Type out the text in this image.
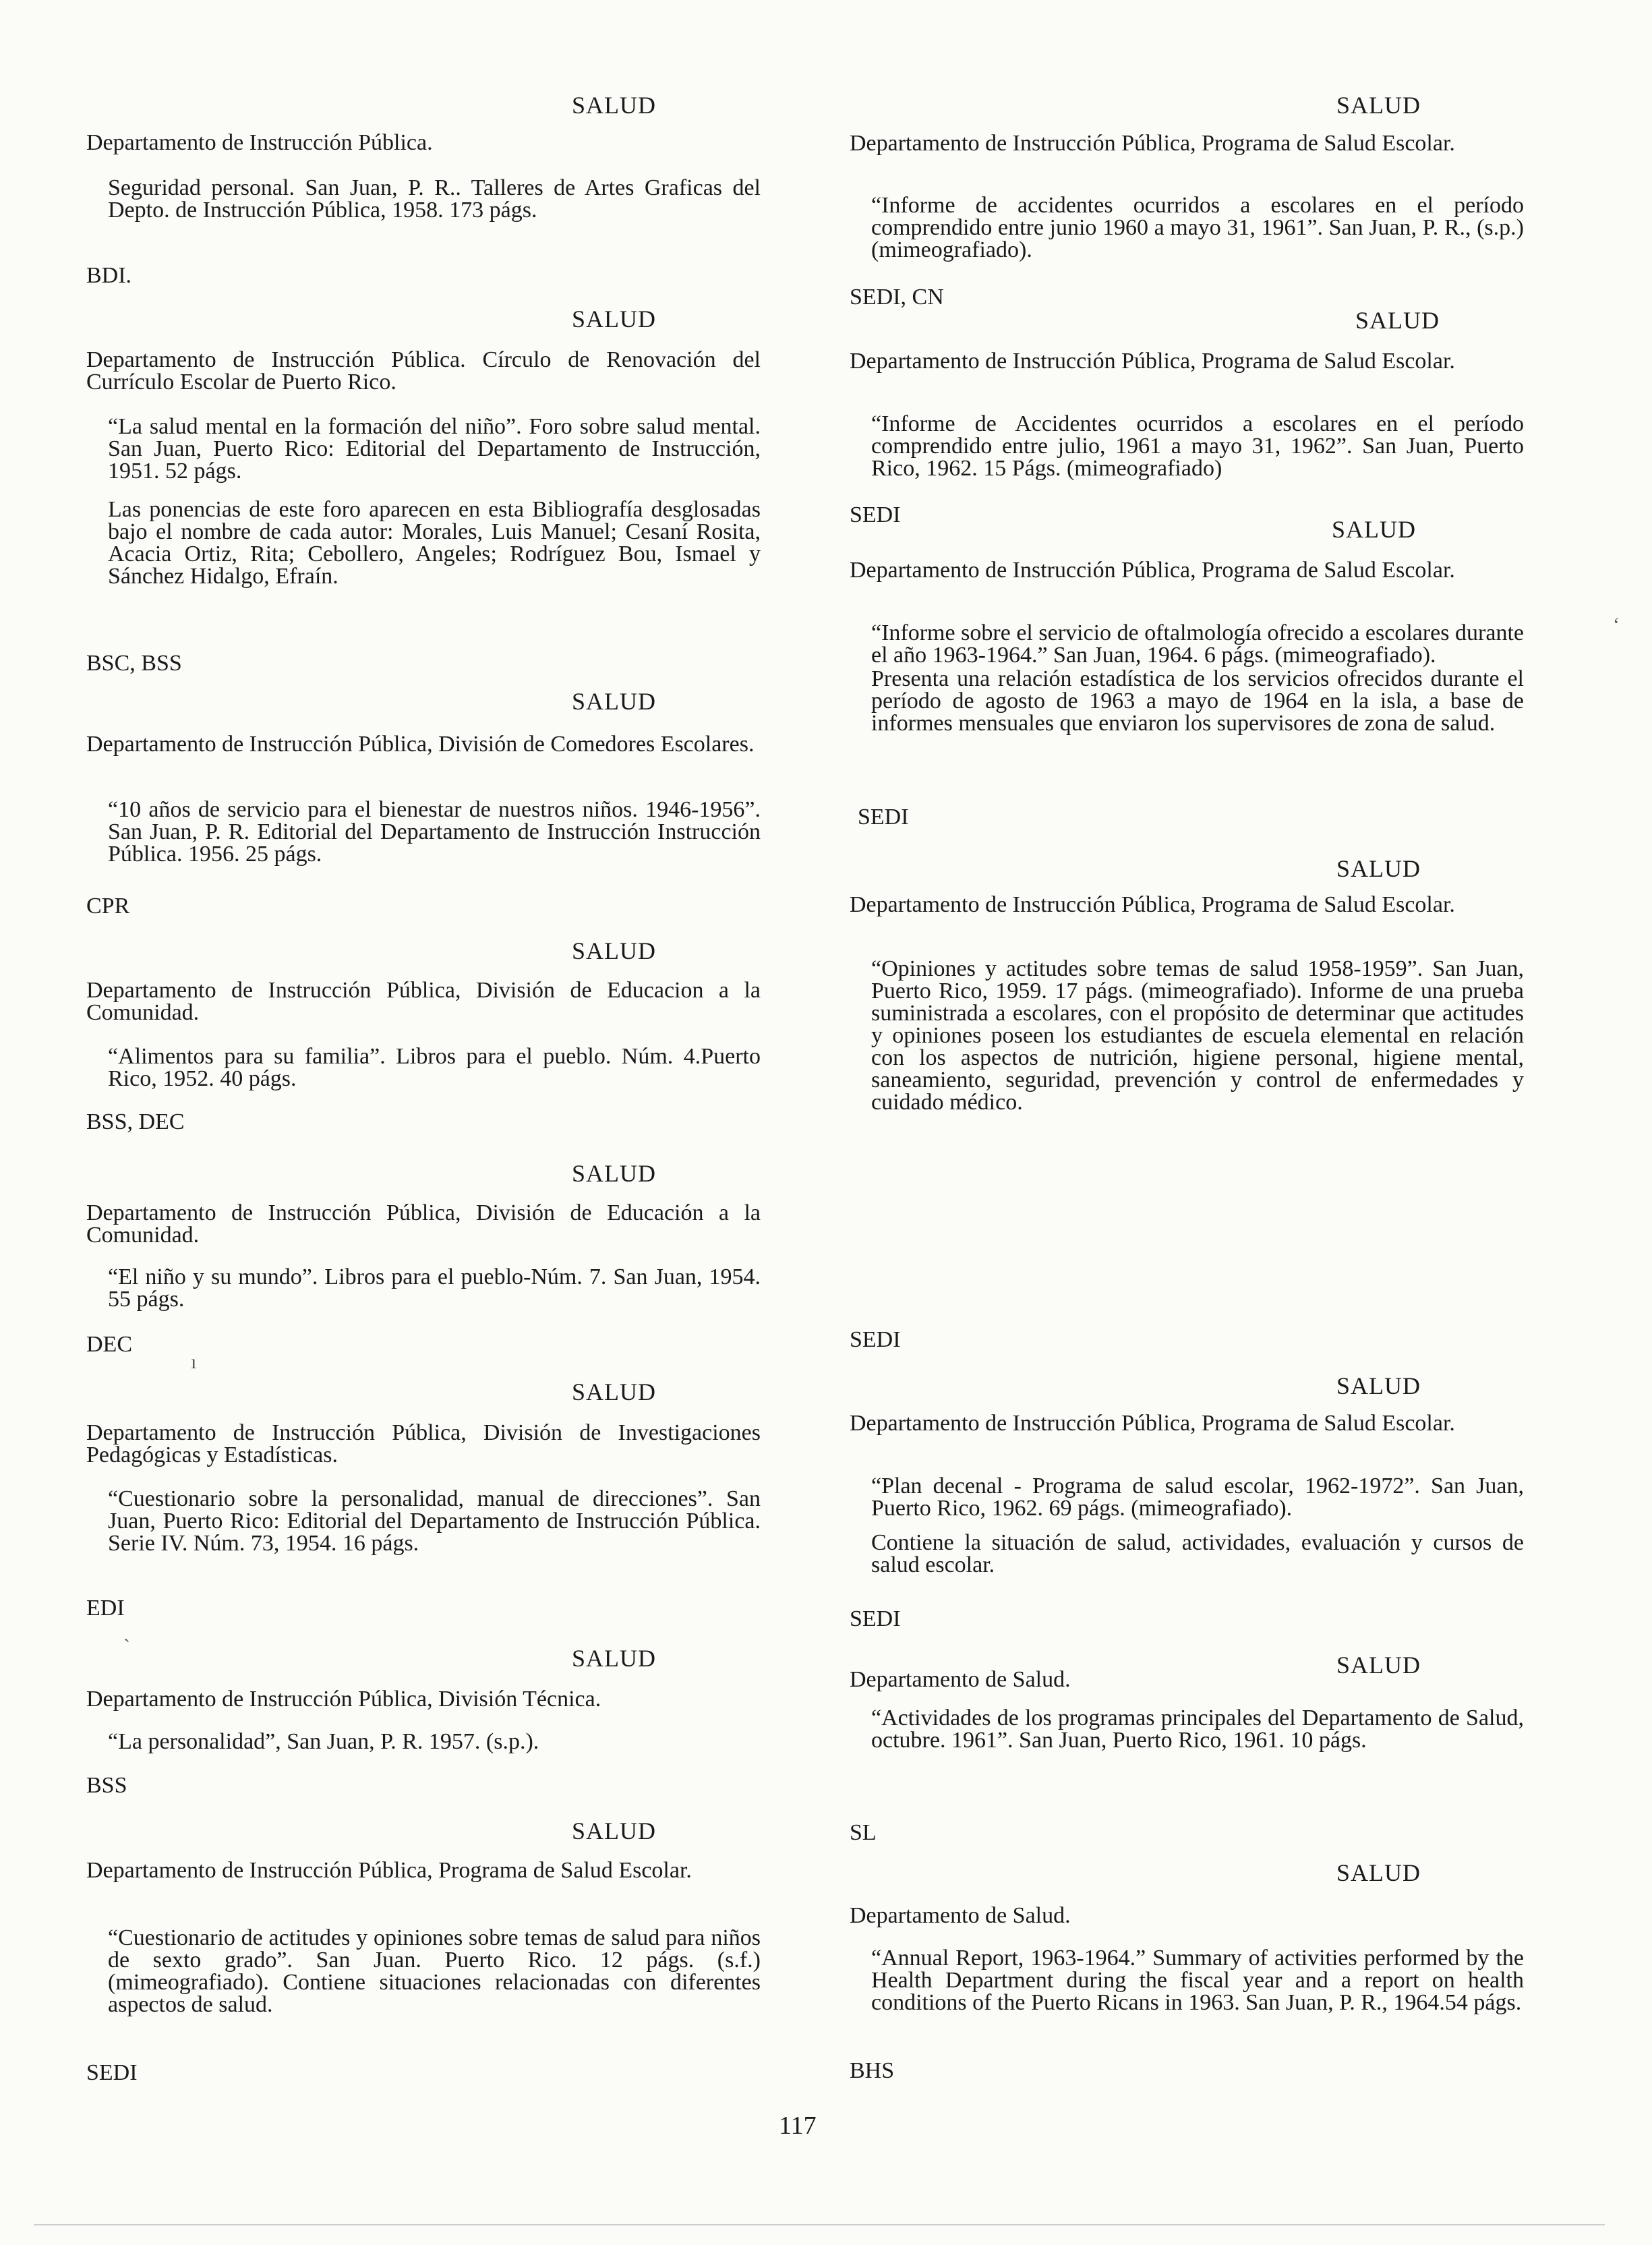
SALUD
Departamento de Instrucción Pública.

Seguridad personal. San Juan, P. R.. Talleres de Artes Graficas del Depto. de Instrucción Pública, 1958. 173 págs.

BDI.
SALUD
Departamento de Instrucción Pública. Círculo de Renovación del Currículo Escolar de Puerto Rico.

“La salud mental en la formación del niño”. Foro sobre salud mental. San Juan, Puerto Rico: Editorial del Departamento de Instrucción, 1951. 52 págs.

Las ponencias de este foro aparecen en esta Bibliografía desglosadas bajo el nombre de cada autor: Morales, Luis Manuel; Cesaní Rosita, Acacia Ortiz, Rita; Cebollero, Angeles; Rodríguez Bou, Ismael y Sánchez Hidalgo, Efraín.

BSC, BSS
SALUD
Departamento de Instrucción Pública, División de Comedores Escolares.

“10 años de servicio para el bienestar de nuestros niños. 1946-1956”. San Juan, P. R. Editorial del Departamento de Instrucción Instrucción Pública. 1956. 25 págs.

CPR
SALUD
Departamento de Instrucción Pública, División de Educacion a la Comunidad.

“Alimentos para su familia”. Libros para el pueblo. Núm. 4.Puerto Rico, 1952. 40 págs.

BSS, DEC
SALUD
Departamento de Instrucción Pública, División de Educación a la Comunidad.

“El niño y su mundo”. Libros para el pueblo-Núm. 7. San Juan, 1954. 55 págs.

DEC
SALUD
Departamento de Instrucción Pública, División de Investigaciones Pedagógicas y Estadísticas.

“Cuestionario sobre la personalidad, manual de direcciones”. San Juan, Puerto Rico: Editorial del Departamento de Instrucción Pública. Serie IV. Núm. 73, 1954. 16 págs.

EDI
SALUD
Departamento de Instrucción Pública, División Técnica.

“La personalidad”, San Juan, P. R. 1957. (s.p.).

BSS
SALUD
Departamento de Instrucción Pública, Programa de Salud Escolar.

“Cuestionario de actitudes y opiniones sobre temas de salud para niños de sexto grado”. San Juan. Puerto Rico. 12 págs. (s.f.) (mimeografiado). Contiene situaciones relacionadas con diferentes aspectos de salud.

SEDI
SALUD
Departamento de Instrucción Pública, Programa de Salud Escolar.

“Informe de accidentes ocurridos a escolares en el período comprendido entre junio 1960 a mayo 31, 1961”. San Juan, P. R., (s.p.) (mimeografiado).

SEDI, CN
SALUD
Departamento de Instrucción Pública, Programa de Salud Escolar.

“Informe de Accidentes ocurridos a escolares en el período comprendido entre julio, 1961 a mayo 31, 1962”. San Juan, Puerto Rico, 1962. 15 Págs. (mimeografiado)

SEDI
SALUD
Departamento de Instrucción Pública, Programa de Salud Escolar.

“Informe sobre el servicio de oftalmología ofrecido a escolares durante el año 1963-1964.” San Juan, 1964. 6 págs. (mimeografiado).

Presenta una relación estadística de los servicios ofrecidos durante el período de agosto de 1963 a mayo de 1964 en la isla, a base de informes mensuales que enviaron los supervisores de zona de salud.

SEDI
SALUD
Departamento de Instrucción Pública, Programa de Salud Escolar.

“Opiniones y actitudes sobre temas de salud 1958-1959”. San Juan, Puerto Rico, 1959. 17 págs. (mimeografiado). Informe de una prueba suministrada a escolares, con el propósito de determinar que actitudes y opiniones poseen los estudiantes de escuela elemental en relación con los aspectos de nutrición, higiene personal, higiene mental, saneamiento, seguridad, prevención y control de enfermedades y cuidado médico.

SEDI
SALUD
Departamento de Instrucción Pública, Programa de Salud Escolar.

“Plan decenal - Programa de salud escolar, 1962-1972”. San Juan, Puerto Rico, 1962. 69 págs. (mimeografiado).

Contiene la situación de salud, actividades, evaluación y cursos de salud escolar.

SEDI
SALUD
Departamento de Salud.

“Actividades de los programas principales del Departamento de Salud, octubre. 1961”. San Juan, Puerto Rico, 1961. 10 págs.

SL
SALUD
Departamento de Salud.

“Annual Report, 1963-1964.” Summary of activities performed by the Health Department during the fiscal year and a report on health conditions of the Puerto Ricans in 1963. San Juan, P. R., 1964.54 págs.

BHS
117
‘
ı
`
